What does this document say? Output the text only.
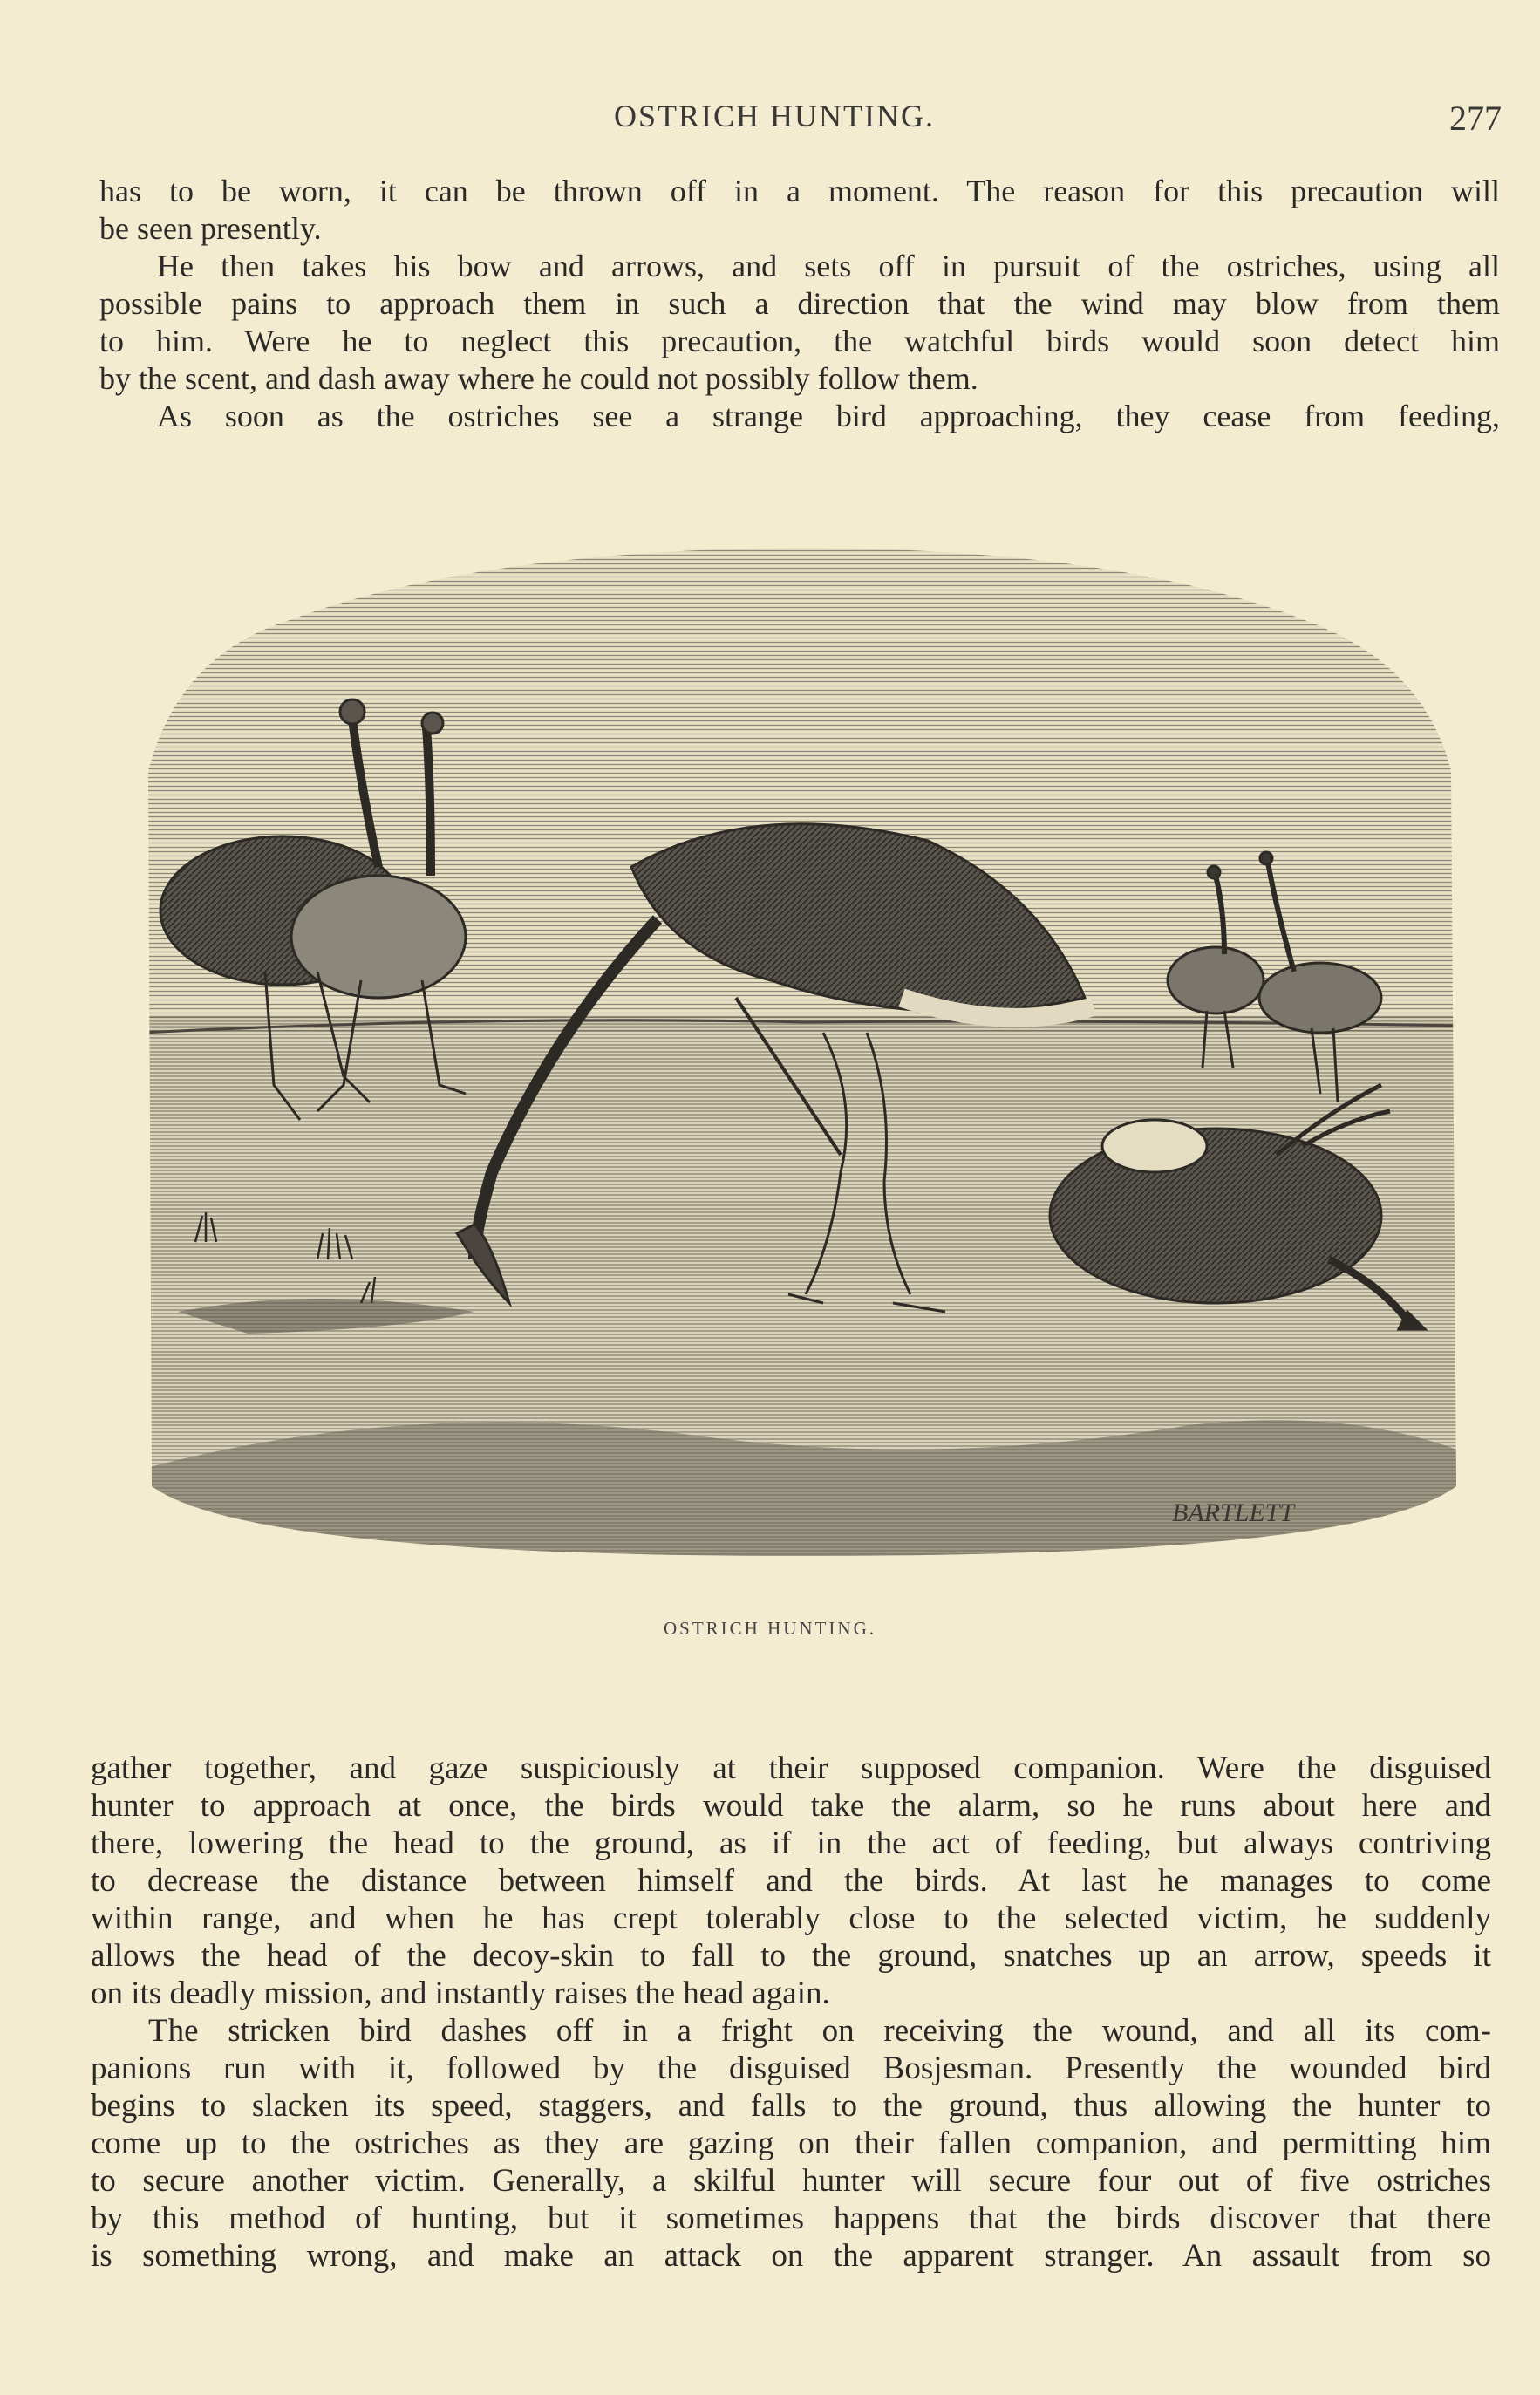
OSTRICH HUNTING.	277
has to be worn, it can be thrown off in a moment. The reason for this precaution will
be seen presently.
He then takes his bow and arrows, and sets off in pursuit of the ostriches, using all
possible pains to approach them in such a direction that the wind may blow from them
to him. Were he to neglect this precaution, the watchful birds would soon detect him
by the scent, and dash away where he could not possibly follow them.
As soon as the ostriches see a strange bird approaching, they cease from feeding,
BARTLETT
OSTRICH HUNTING.
gather together, and gaze suspiciously at their supposed companion. Were the disguised
hunter to approach at once, the birds would take the alarm, so he runs about here and
there, lowering the head to the ground, as if in the act of feeding, but always contriving
to decrease the distance between himself and the birds. At last he manages to come
within range, and when he has crept tolerably close to the selected victim, he suddenly
allows the head of the decoy-skin to fall to the ground, snatches up an arrow, speeds it
on its deadly mission, and instantly raises the head again.
The stricken bird dashes off in a fright on receiving the wound, and all its com-
panions run with it, followed by the disguised Bosjesman. Presently the wounded bird
begins to slacken its speed, staggers, and falls to the ground, thus allowing the hunter to
come up to the ostriches as they are gazing on their fallen companion, and permitting him
to secure another victim. Generally, a skilful hunter will secure four out of five ostriches
by this method of hunting, but it sometimes happens that the birds discover that there
is something wrong, and make an attack on the apparent stranger. An assault from so
